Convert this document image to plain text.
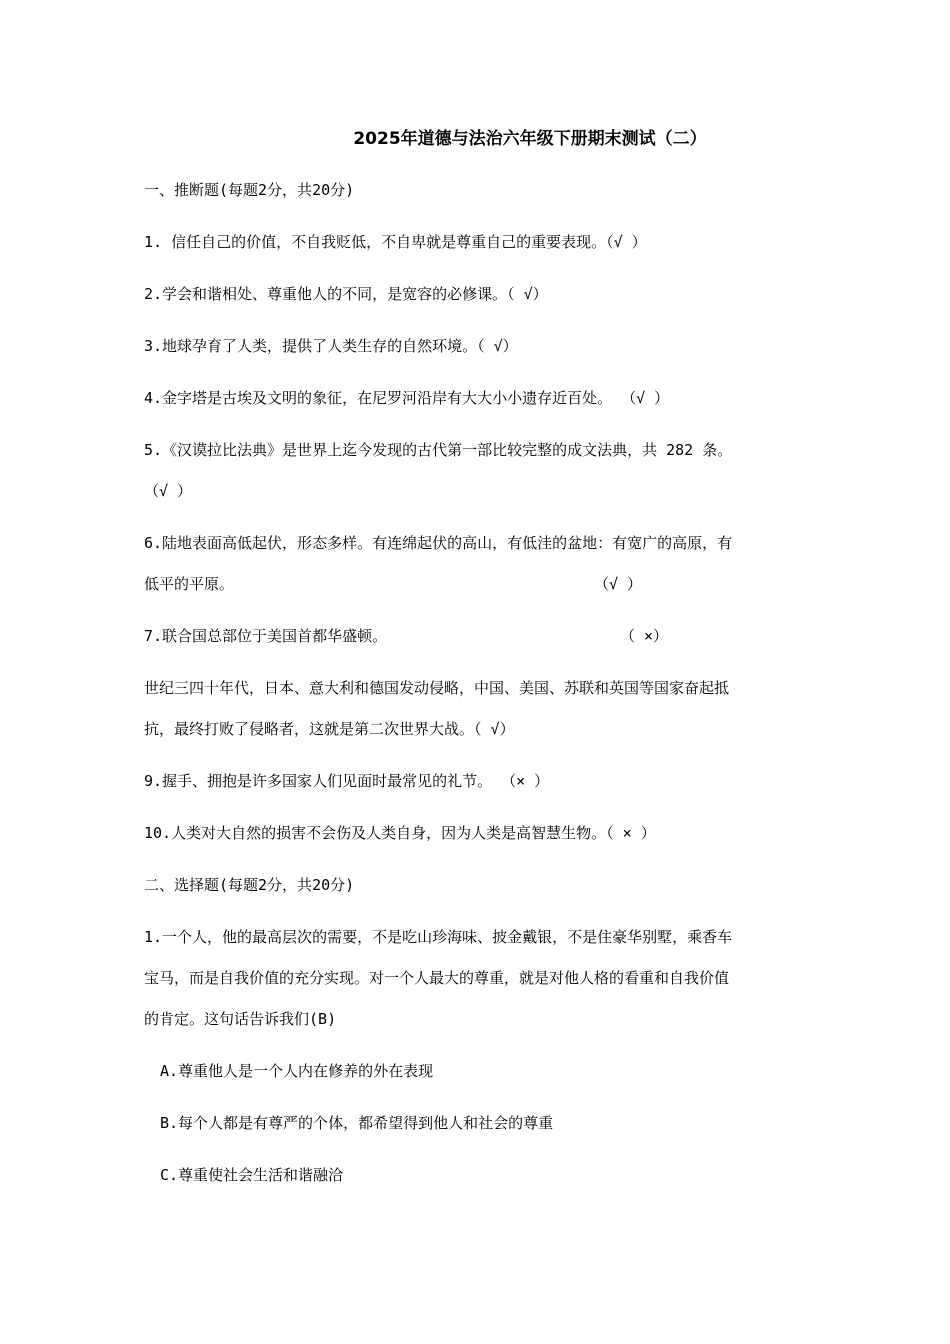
2025年道德与法治六年级下册期末测试（二）
一、推断题(每题2分，共20分)
1. 信任自己的价值，不自我贬低，不自卑就是尊重自己的重要表现。（√ ）
2.学会和谐相处、尊重他人的不同，是宽容的必修课。（ √）
3.地球孕育了人类，提供了人类生存的自然环境。（ √）
4.金字塔是古埃及文明的象征，在尼罗河沿岸有大大小小遗存近百处。 （√ ）
5.《汉谟拉比法典》是世界上迄今发现的古代第一部比较完整的成文法典，共 282 条。
（√ ）
6.陆地表面高低起伏，形态多样。有连绵起伏的高山，有低洼的盆地：有宽广的高原，有
低平的平原。	（√ ）
7.联合国总部位于美国首都华盛顿。	（ ×）
世纪三四十年代，日本、意大利和德国发动侵略，中国、美国、苏联和英国等国家奋起抵
抗，最终打败了侵略者，这就是第二次世界大战。（ √）
9.握手、拥抱是许多国家人们见面时最常见的礼节。 （× ）
10.人类对大自然的损害不会伤及人类自身，因为人类是高智慧生物。（ × ）
二、选择题(每题2分，共20分)
1.一个人，他的最高层次的需要，不是吃山珍海味、披金戴银，不是住豪华别墅，乘香车
宝马，而是自我价值的充分实现。对一个人最大的尊重，就是对他人格的看重和自我价值
的肯定。这句话告诉我们(B)
A.尊重他人是一个人内在修养的外在表现
B.每个人都是有尊严的个体，都希望得到他人和社会的尊重
C.尊重使社会生活和谐融洽
